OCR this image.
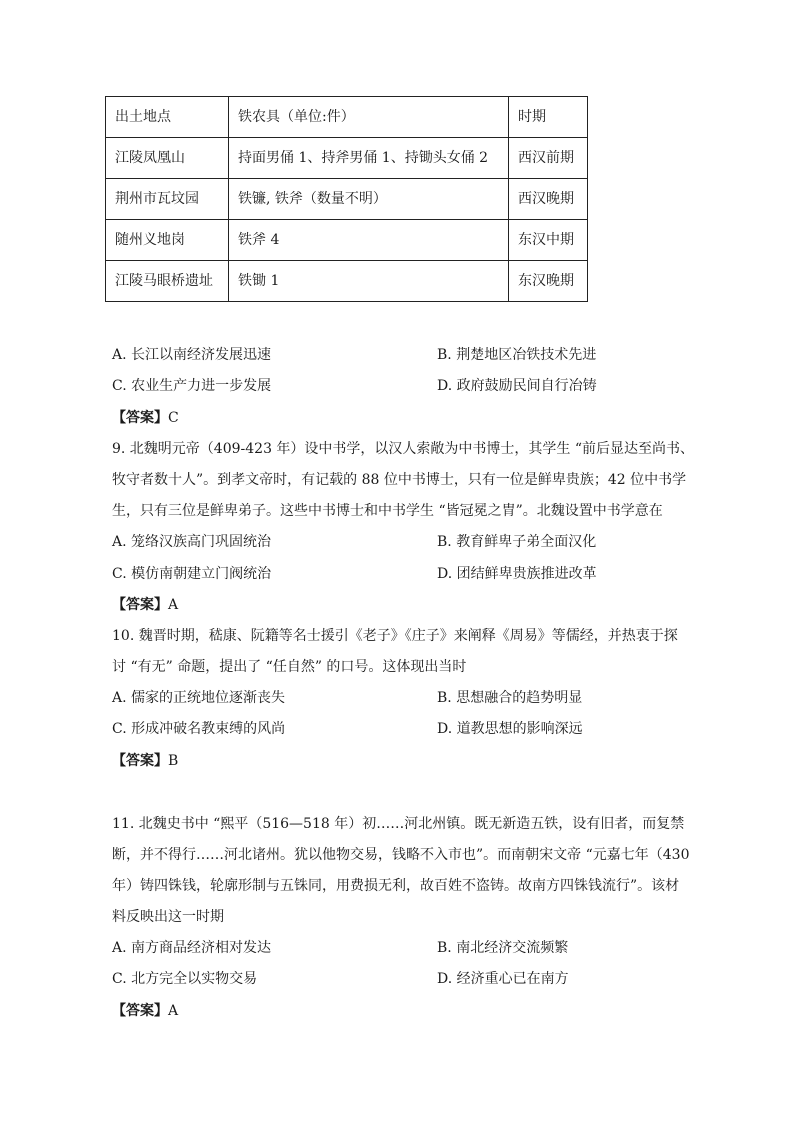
出土地点	铁农具（单位:件）	时期
江陵凤凰山	持面男俑 1、持斧男俑 1、持锄头女俑 2	西汉前期
荆州市瓦坟园	铁镰, 铁斧（数量不明）	西汉晚期
随州义地岗	铁斧 4	东汉中期
江陵马眼桥遗址	铁锄 1	东汉晚期
A. 长江以南经济发展迅速	B. 荆楚地区冶铁技术先进
C. 农业生产力进一步发展	D. 政府鼓励民间自行冶铸
【答案】C
9. 北魏明元帝（409-423 年）设中书学，以汉人索敞为中书博士，其学生 “前后显达至尚书、
牧守者数十人”。到孝文帝时，有记载的 88 位中书博士，只有一位是鲜卑贵族；42 位中书学
生，只有三位是鲜卑弟子。这些中书博士和中书学生 “皆冠冕之胄”。北魏设置中书学意在
A. 笼络汉族高门巩固统治	B. 教育鲜卑子弟全面汉化
C. 模仿南朝建立门阀统治	D. 团结鲜卑贵族推进改革
【答案】A
10. 魏晋时期，嵇康、阮籍等名士援引《老子》《庄子》来阐释《周易》等儒经，并热衷于探
讨 “有无” 命题，提出了 “任自然” 的口号。这体现出当时
A. 儒家的正统地位逐渐丧失	B. 思想融合的趋势明显
C. 形成冲破名教束缚的风尚	D. 道教思想的影响深远
【答案】B
11. 北魏史书中 “熙平（516—518 年）初……河北州镇。既无新造五铁，设有旧者，而复禁
断，并不得行……河北诸州。犹以他物交易，钱略不入市也”。而南朝宋文帝 “元嘉七年（430
年）铸四铢钱，轮廓形制与五铢同，用费损无利，故百姓不盗铸。故南方四铢钱流行”。该材
料反映出这一时期
A. 南方商品经济相对发达	B. 南北经济交流频繁
C. 北方完全以实物交易	D. 经济重心已在南方
【答案】A
